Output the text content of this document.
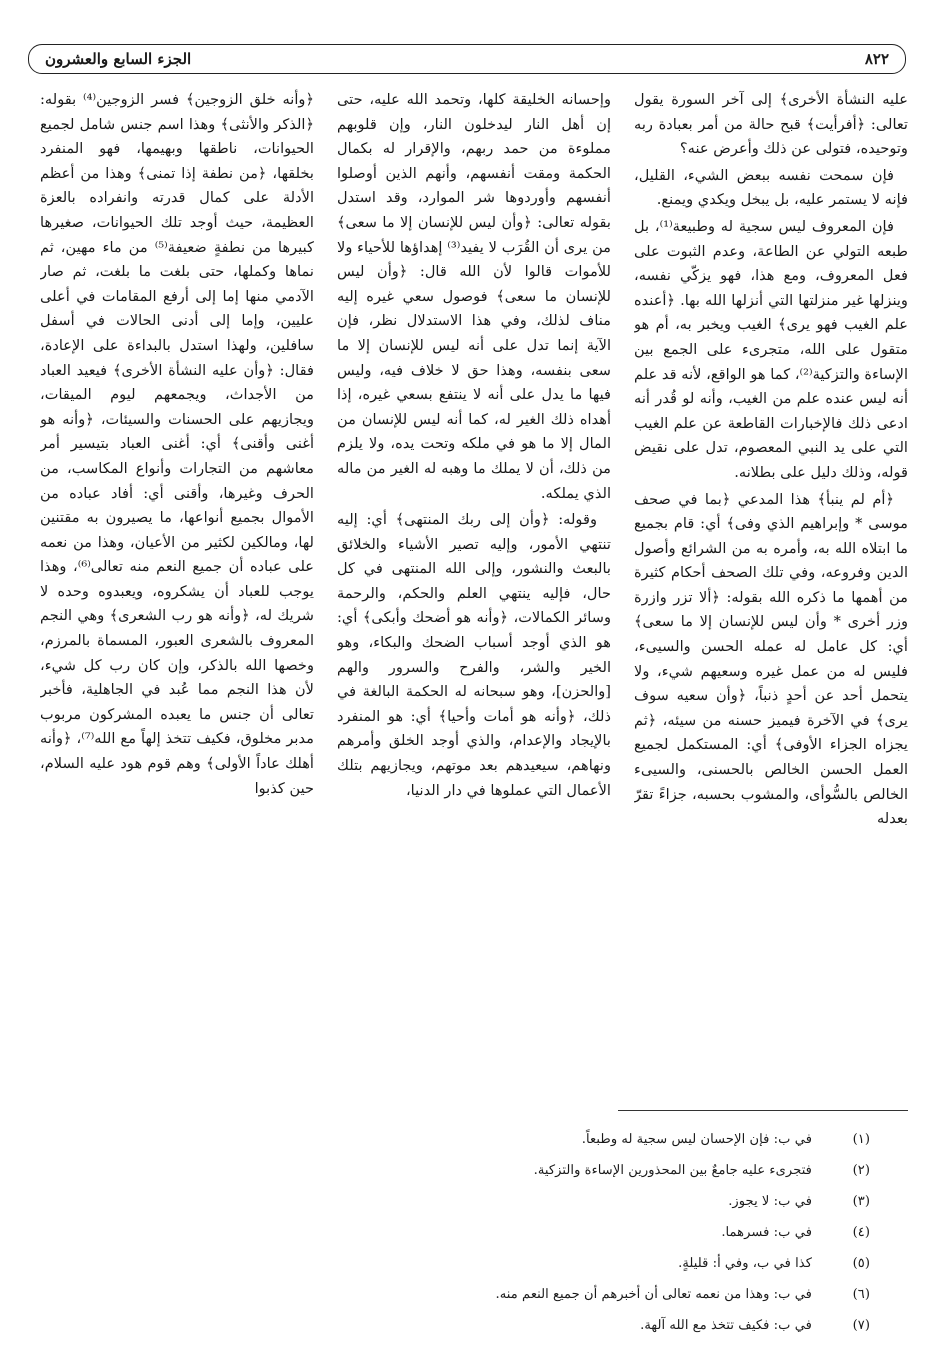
الجزء السابع والعشرون	٨٢٢

عليه النشأة الأخرى﴾ إلى آخر السورة يقول تعالى: ﴿أفرأيت﴾ قبح حالة من أمر بعبادة ربه وتوحيده، فتولى عن ذلك وأعرض عنه؟

فإن سمحت نفسه ببعض الشيء، القليل، فإنه لا يستمر عليه، بل يبخل ويكدي ويمنع.

فإن المعروف ليس سجية له وطبيعة⁽¹⁾، بل طبعه التولي عن الطاعة، وعدم الثبوت على فعل المعروف، ومع هذا، فهو يزكّي نفسه، وينزلها غير منزلتها التي أنزلها الله بها. ﴿أعنده علم الغيب فهو يرى﴾ الغيب ويخبر به، أم هو متقول على الله، متجرىء على الجمع بين الإساءة والتزكية⁽²⁾، كما هو الواقع، لأنه قد علم أنه ليس عنده علم من الغيب، وأنه لو قُدر أنه ادعى ذلك فالإخبارات القاطعة عن علم الغيب التي على يد النبي المعصوم، تدل على نقيض قوله، وذلك دليل على بطلانه.

﴿أم لم ينبأ﴾ هذا المدعي ﴿بما في صحف موسى * وإبراهيم الذي وفى﴾ أي: قام بجميع ما ابتلاه الله به، وأمره به من الشرائع وأصول الدين وفروعه، وفي تلك الصحف أحكام كثيرة من أهمها ما ذكره الله بقوله: ﴿ألا تزر وازرة وزر أخرى * وأن ليس للإنسان إلا ما سعى﴾ أي: كل عامل له عمله الحسن والسيىء، فليس له من عمل غيره وسعيهم شيء، ولا يتحمل أحد عن أحدٍ ذنباً، ﴿وأن سعيه سوف يرى﴾ في الآخرة فيميز حسنه من سيئه، ﴿ثم يجزاه الجزاء الأوفى﴾ أي: المستكمل لجميع العمل الحسن الخالص بالحسنى، والسيىء الخالص بالسُّوأى، والمشوب بحسبه، جزاءً تقرّ بعدله

وإحسانه الخليقة كلها، وتحمد الله عليه، حتى إن أهل النار ليدخلون النار، وإن قلوبهم مملوءة من حمد ربهم، والإقرار له بكمال الحكمة ومقت أنفسهم، وأنهم الذين أوصلوا أنفسهم وأوردوها شر الموارد، وقد استدل بقوله تعالى: ﴿وأن ليس للإنسان إلا ما سعى﴾ من يرى أن القُرَب لا يفيد⁽³⁾ إهداؤها للأحياء ولا للأموات قالوا لأن الله قال: ﴿وأن ليس للإنسان ما سعى﴾ فوصول سعي غيره إليه مناف لذلك، وفي هذا الاستدلال نظر، فإن الآية إنما تدل على أنه ليس للإنسان إلا ما سعى بنفسه، وهذا حق لا خلاف فيه، وليس فيها ما يدل على أنه لا ينتفع بسعي غيره، إذا أهداه ذلك الغير له، كما أنه ليس للإنسان من المال إلا ما هو في ملكه وتحت يده، ولا يلزم من ذلك، أن لا يملك ما وهبه له الغير من ماله الذي يملكه.

وقوله: ﴿وأن إلى ربك المنتهى﴾ أي: إليه تنتهي الأمور، وإليه تصير الأشياء والخلائق بالبعث والنشور، وإلى الله المنتهى في كل حال، فإليه ينتهي العلم والحكم، والرحمة وسائر الكمالات، ﴿وأنه هو أضحك وأبكى﴾ أي: هو الذي أوجد أسباب الضحك والبكاء، وهو الخير والشر، والفرح والسرور والهم [والحزن]، وهو سبحانه له الحكمة البالغة في ذلك، ﴿وأنه هو أمات وأحيا﴾ أي: هو المنفرد بالإيجاد والإعدام، والذي أوجد الخلق وأمرهم ونهاهم، سيعيدهم بعد موتهم، ويجازيهم بتلك الأعمال التي عملوها في دار الدنيا،

﴿وأنه خلق الزوجين﴾ فسر الزوجين⁽⁴⁾ بقوله: ﴿الذكر والأنثى﴾ وهذا اسم جنس شامل لجميع الحيوانات، ناطقها وبهيمها، فهو المنفرد بخلقها، ﴿من نطفة إذا تمنى﴾ وهذا من أعظم الأدلة على كمال قدرته وانفراده بالعزة العظيمة، حيث أوجد تلك الحيوانات، صغيرها كبيرها من نطفةٍ ضعيفة⁽⁵⁾ من ماء مهين، ثم نماها وكملها، حتى بلغت ما بلغت، ثم صار الآدمي منها إما إلى أرفع المقامات في أعلى عليين، وإما إلى أدنى الحالات في أسفل سافلين، ولهذا استدل بالبداءة على الإعادة، فقال: ﴿وأن عليه النشأة الأخرى﴾ فيعيد العباد من الأجداث، ويجمعهم ليوم الميقات، ويجازيهم على الحسنات والسيئات، ﴿وأنه هو أغنى وأقنى﴾ أي: أغنى العباد بتيسير أمر معاشهم من التجارات وأنواع المكاسب، من الحرف وغيرها، وأقنى أي: أفاد عباده من الأموال بجميع أنواعها، ما يصيرون به مقتنين لها، ومالكين لكثير من الأعيان، وهذا من نعمه على عباده أن جميع النعم منه تعالى⁽⁶⁾، وهذا يوجب للعباد أن يشكروه، ويعبدوه وحده لا شريك له، ﴿وأنه هو رب الشعرى﴾ وهي النجم المعروف بالشعرى العبور، المسماة بالمرزم، وخصها الله بالذكر، وإن كان رب كل شيء، لأن هذا النجم مما عُبد في الجاهلية، فأخبر تعالى أن جنس ما يعبده المشركون مربوب مدبر مخلوق، فكيف تتخذ إلهاً مع الله⁽⁷⁾، ﴿وأنه أهلك عاداً الأولى﴾ وهم قوم هود عليه السلام، حين كذبوا

(١)
في ب: فإن الإحسان ليس سجية له وطبعاً.
(٢)
فتجرىء عليه جامعٌ بين المحذورين الإساءة والتزكية.
(٣)
في ب: لا يجوز.
(٤)
في ب: فسرهما.
(٥)
كذا في ب، وفي أ: قليلةٍ.
(٦)
في ب: وهذا من نعمه تعالى أن أخبرهم أن جميع النعم منه.
(٧)
في ب: فكيف تتخذ مع الله آلهة.
